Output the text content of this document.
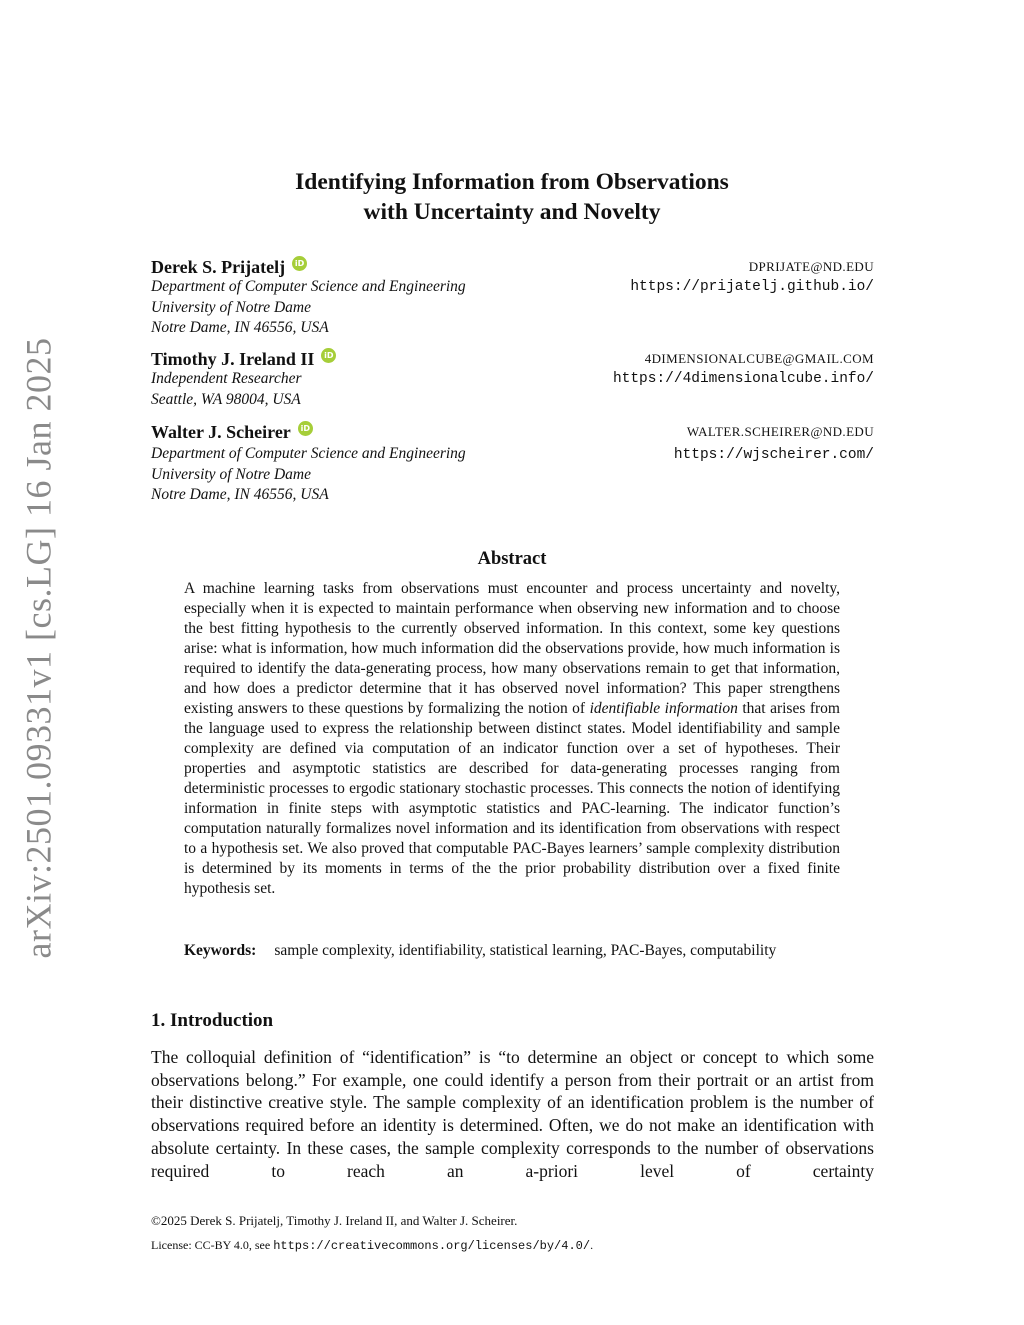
arXiv:2501.09331v1 [cs.LG] 16 Jan 2025
Identifying Information from Observations
with Uncertainty and Novelty
Derek S. Prijatelj	iD
Department of Computer Science and Engineering
University of Notre Dame
Notre Dame, IN 46556, USA
DPRIJATE@ND.EDU
https://prijatelj.github.io/
Timothy J. Ireland II	iD
Independent Researcher
Seattle, WA 98004, USA
4DIMENSIONALCUBE@GMAIL.COM
https://4dimensionalcube.info/
Walter J. Scheirer	iD
Department of Computer Science and Engineering
University of Notre Dame
Notre Dame, IN 46556, USA
WALTER.SCHEIRER@ND.EDU
https://wjscheirer.com/
Abstract
A machine learning tasks from observations must encounter and process uncertainty and novelty, especially when it is expected to maintain performance when observing new information and to choose the best fitting hypothesis to the currently observed information. In this context, some key questions arise: what is information, how much information did the observations provide, how much information is required to identify the data-generating process, how many observations remain to get that information, and how does a predictor determine that it has observed novel information? This paper strengthens existing answers to these questions by formalizing the notion of identifiable information that arises from the language used to express the relationship between distinct states. Model identifiability and sample complexity are defined via computation of an indicator function over a set of hypotheses. Their properties and asymptotic statistics are described for data-generating processes ranging from deterministic processes to ergodic stationary stochastic processes. This connects the notion of identifying information in finite steps with asymptotic statistics and PAC-learning. The indicator function’s computation naturally formalizes novel information and its identification from observations with respect to a hypothesis set. We also proved that computable PAC-Bayes learners’ sample complexity distribution is determined by its moments in terms of the the prior probability distribution over a fixed finite hypothesis set.
Keywords: sample complexity, identifiability, statistical learning, PAC-Bayes, computability
1. Introduction
The colloquial definition of “identification” is “to determine an object or concept to which some observations belong.” For example, one could identify a person from their portrait or an artist from their distinctive creative style. The sample complexity of an identification problem is the number of observations required before an identity is determined. Often, we do not make an identification with absolute certainty. In these cases, the sample complexity corresponds to the number of observations required to reach an a-priori level of certainty
©2025 Derek S. Prijatelj, Timothy J. Ireland II, and Walter J. Scheirer.
License: CC-BY 4.0, see https://creativecommons.org/licenses/by/4.0/.
